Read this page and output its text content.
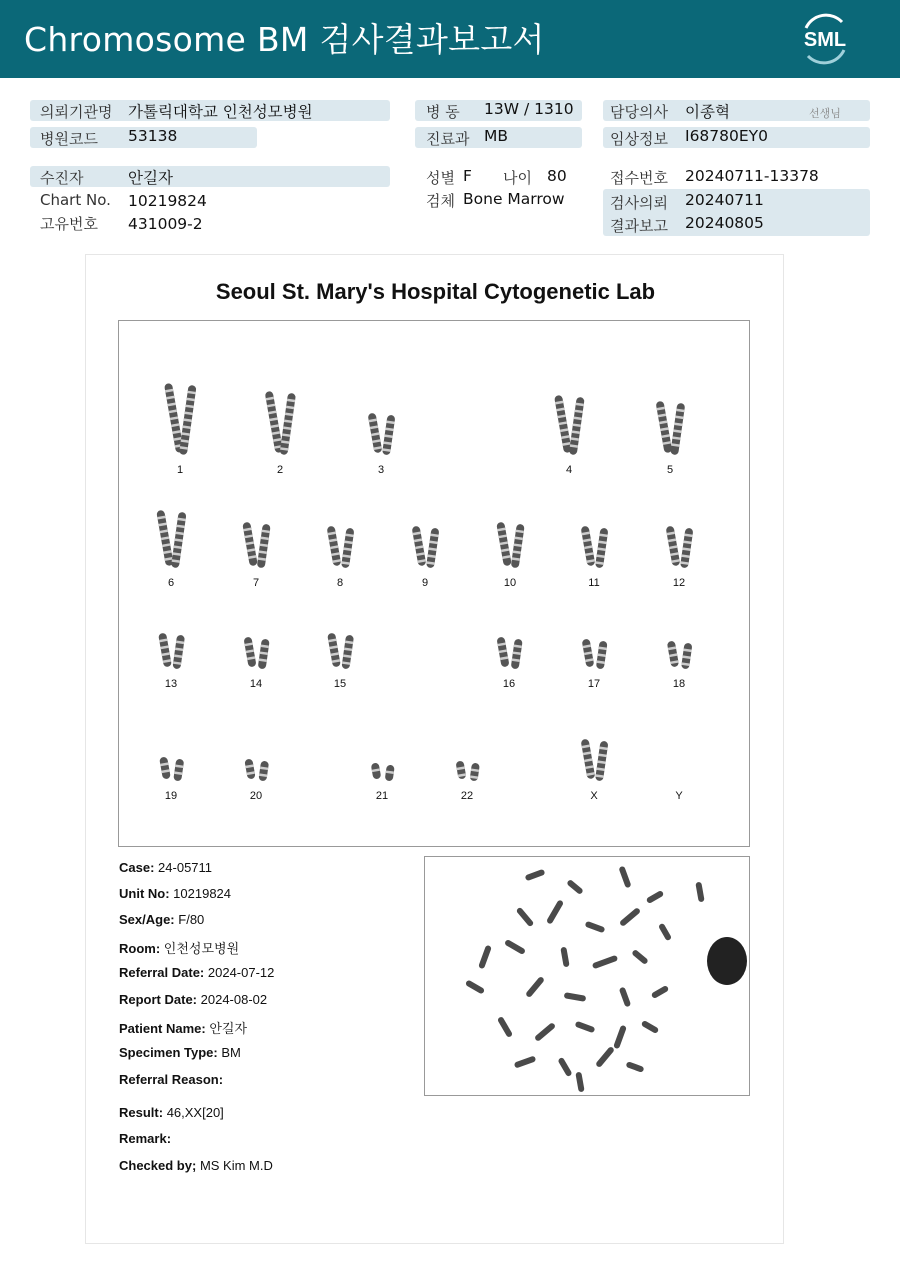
Chromosome BM 검사결과보고서	SML
의뢰기관명 가톨릭대학교 인천성모병원
병원코드 53138
수진자	안길자
Chart No. 10219824
고유번호 431009-2
병 동 13W / 1310
진료과 MB
성별 F 나이 80
검체 Bone Marrow
담당의사 이종혁	선생님
임상정보 I68780EY0
접수번호 20240711-13378
검사의뢰 20240711
결과보고 20240805
Seoul St. Mary's Hospital Cytogenetic Lab
1	2	3	4	5
6	7	8	9	10	11	12
13	14	15	16	17	18
19	20	21	22	X	Y
Case: 24-05711
Unit No: 10219824
Sex/Age: F/80
Room: 인천성모병원
Referral Date: 2024-07-12
Report Date: 2024-08-02
Patient Name: 안길자
Specimen Type: BM
Referral Reason:
Result: 46,XX[20]
Remark:
Checked by; MS Kim M.D
